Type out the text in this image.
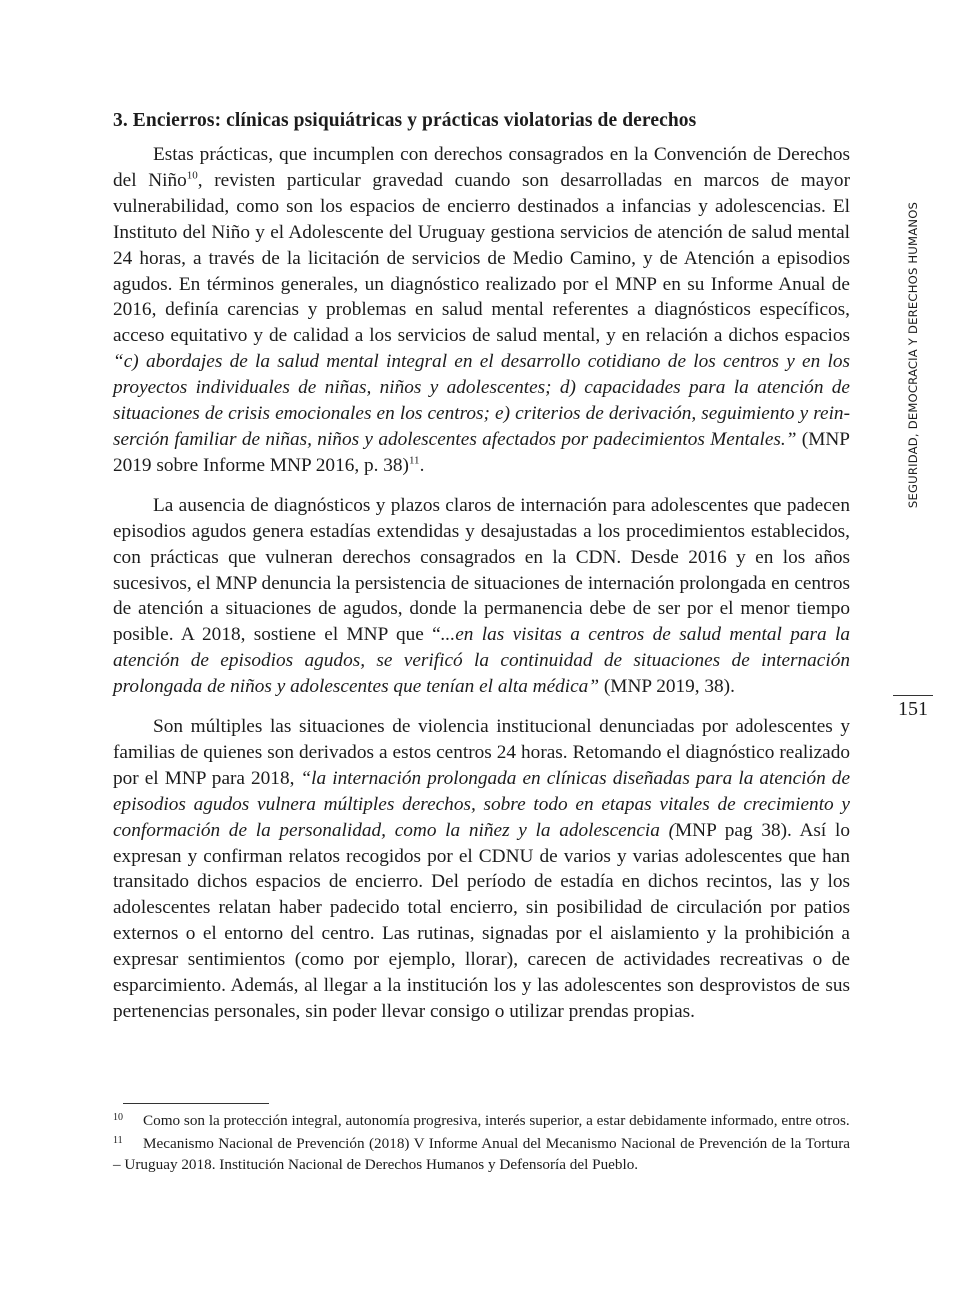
3. Encierros: clínicas psiquiátricas y prácticas violatorias de derechos

Estas prácticas, que incumplen con derechos consagrados en la Convención de Derechos del Niño$^{10}$, revisten particular gravedad cuando son desarrolladas en marcos de mayor vulnerabilidad, como son los espacios de encierro destinados a infancias y adolescencias. El Instituto del Niño y el Adolescente del Uruguay gestiona servicios de atención de salud mental 24 horas, a través de la licitación de servicios de Medio Camino, y de Atención a episodios agudos. En términos generales, un diagnóstico realizado por el MNP en su Informe Anual de 2016, definía carencias y problemas en salud mental referentes a diagnósticos específicos, acceso equitativo y de calidad a los servicios de salud mental, y en relación a dichos espacios “c) abordajes de la salud mental integral en el desarrollo cotidiano de los centros y en los proyectos individuales de niñas, niños y adolescentes; d) capacidades para la atención de situaciones de crisis emocionales en los centros; e) criterios de derivación, seguimiento y reinserción familiar de niñas, niños y adolescentes afectados por padecimientos Mentales.” (MNP 2019 sobre Informe MNP 2016, p. 38)$^{11}$.

La ausencia de diagnósticos y plazos claros de internación para adolescentes que padecen episodios agudos genera estadías extendidas y desajustadas a los procedimientos establecidos, con prácticas que vulneran derechos consagrados en la CDN. Desde 2016 y en los años sucesivos, el MNP denuncia la persistencia de situaciones de internación prolongada en centros de atención a situaciones de agudos, donde la permanencia debe de ser por el menor tiempo posible. A 2018, sostiene el MNP que “...en las visitas a centros de salud mental para la atención de episodios agudos, se verificó la continuidad de situaciones de internación prolongada de niños y adolescentes que tenían el alta médica” (MNP 2019, 38).

Son múltiples las situaciones de violencia institucional denunciadas por adolescentes y familias de quienes son derivados a estos centros 24 horas. Retomando el diagnóstico realizado por el MNP para 2018, “la internación prolongada en clínicas diseñadas para la atención de episodios agudos vulnera múltiples derechos, sobre todo en etapas vitales de crecimiento y conformación de la personalidad, como la niñez y la adolescencia (MNP pag 38). Así lo expresan y confirman relatos recogidos por el CDNU de varios y varias adolescentes que han transitado dichos espacios de encierro. Del período de estadía en dichos recintos, las y los adolescentes relatan haber padecido total encierro, sin posibilidad de circulación por patios externos o el entorno del centro. Las rutinas, signadas por el aislamiento y la prohibición a expresar sentimientos (como por ejemplo, llorar), carecen de actividades recreativas o de esparcimiento. Además, al llegar a la institución los y las adolescentes son desprovistos de sus pertenencias personales, sin poder llevar consigo o utilizar prendas propias.

SEGURIDAD, DEMOCRACIA Y DERECHOS HUMANOS
151
10 Como son la protección integral, autonomía progresiva, interés superior, a estar debidamente informado, entre otros.
11 Mecanismo Nacional de Prevención (2018) V Informe Anual del Mecanismo Nacional de Prevención de la Tortura – Uruguay 2018. Institución Nacional de Derechos Humanos y Defensoría del Pueblo.
